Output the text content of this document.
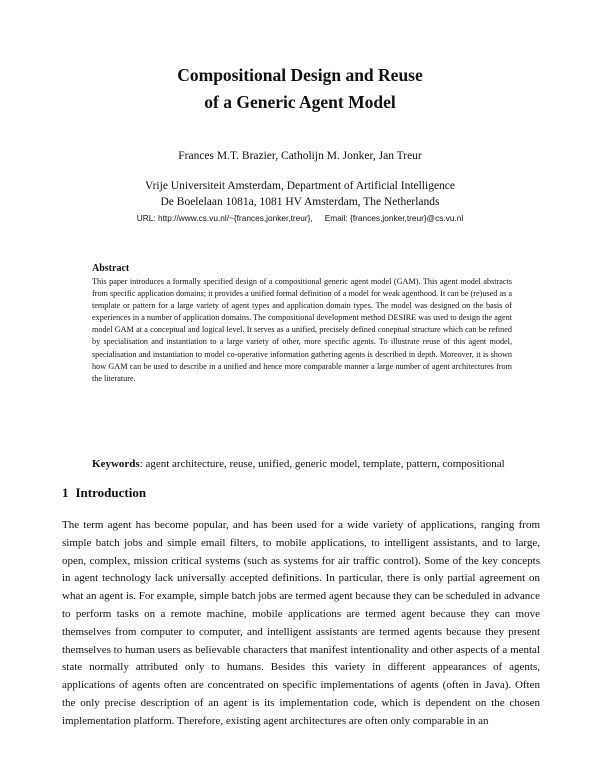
Compositional Design and Reuse
of a Generic Agent Model
Frances M.T. Brazier, Catholijn M. Jonker, Jan Treur
Vrije Universiteit Amsterdam, Department of Artificial Intelligence
De Boelelaan 1081a, 1081 HV Amsterdam, The Netherlands
URL: http://www.cs.vu.nl/~{frances,jonker,treur}, Email: {frances,jonker,treur}@cs.vu.nl
Abstract
This paper introduces a formally specified design of a compositional generic agent model (GAM). This agent model abstracts from specific application domains; it provides a unified formal definition of a model for weak agenthood. It can be (re)used as a template or pattern for a large variety of agent types and application domain types. The model was designed on the basis of experiences in a number of application domains. The compositional development method DESIRE was used to design the agent model GAM at a conceptual and logical level. It serves as a unified, precisely defined coneptual structure which can be refined by specialisation and instantiation to a large variety of other, more specific agents. To illustrate reuse of this agent model, specialisation and instantiation to model co-operative information gathering agents is described in depth. Moreover, it is shown how GAM can be used to describe in a unified and hence more comparable manner a large number of agent architectures from the literature.
Keywords: agent architecture, reuse, unified, generic model, template, pattern, compositional
1 Introduction
The term agent has become popular, and has been used for a wide variety of applications, ranging from simple batch jobs and simple email filters, to mobile applications, to intelligent assistants, and to large, open, complex, mission critical systems (such as systems for air traffic control). Some of the key concepts in agent technology lack universally accepted definitions. In particular, there is only partial agreement on what an agent is. For example, simple batch jobs are termed agent because they can be scheduled in advance to perform tasks on a remote machine, mobile applications are termed agent because they can move themselves from computer to computer, and intelligent assistants are termed agents because they present themselves to human users as believable characters that manifest intentionality and other aspects of a mental state normally attributed only to humans. Besides this variety in different appearances of agents, applications of agents often are concentrated on specific implementations of agents (often in Java). Often the only precise description of an agent is its implementation code, which is dependent on the chosen implementation platform. Therefore, existing agent architectures are often only comparable in an
